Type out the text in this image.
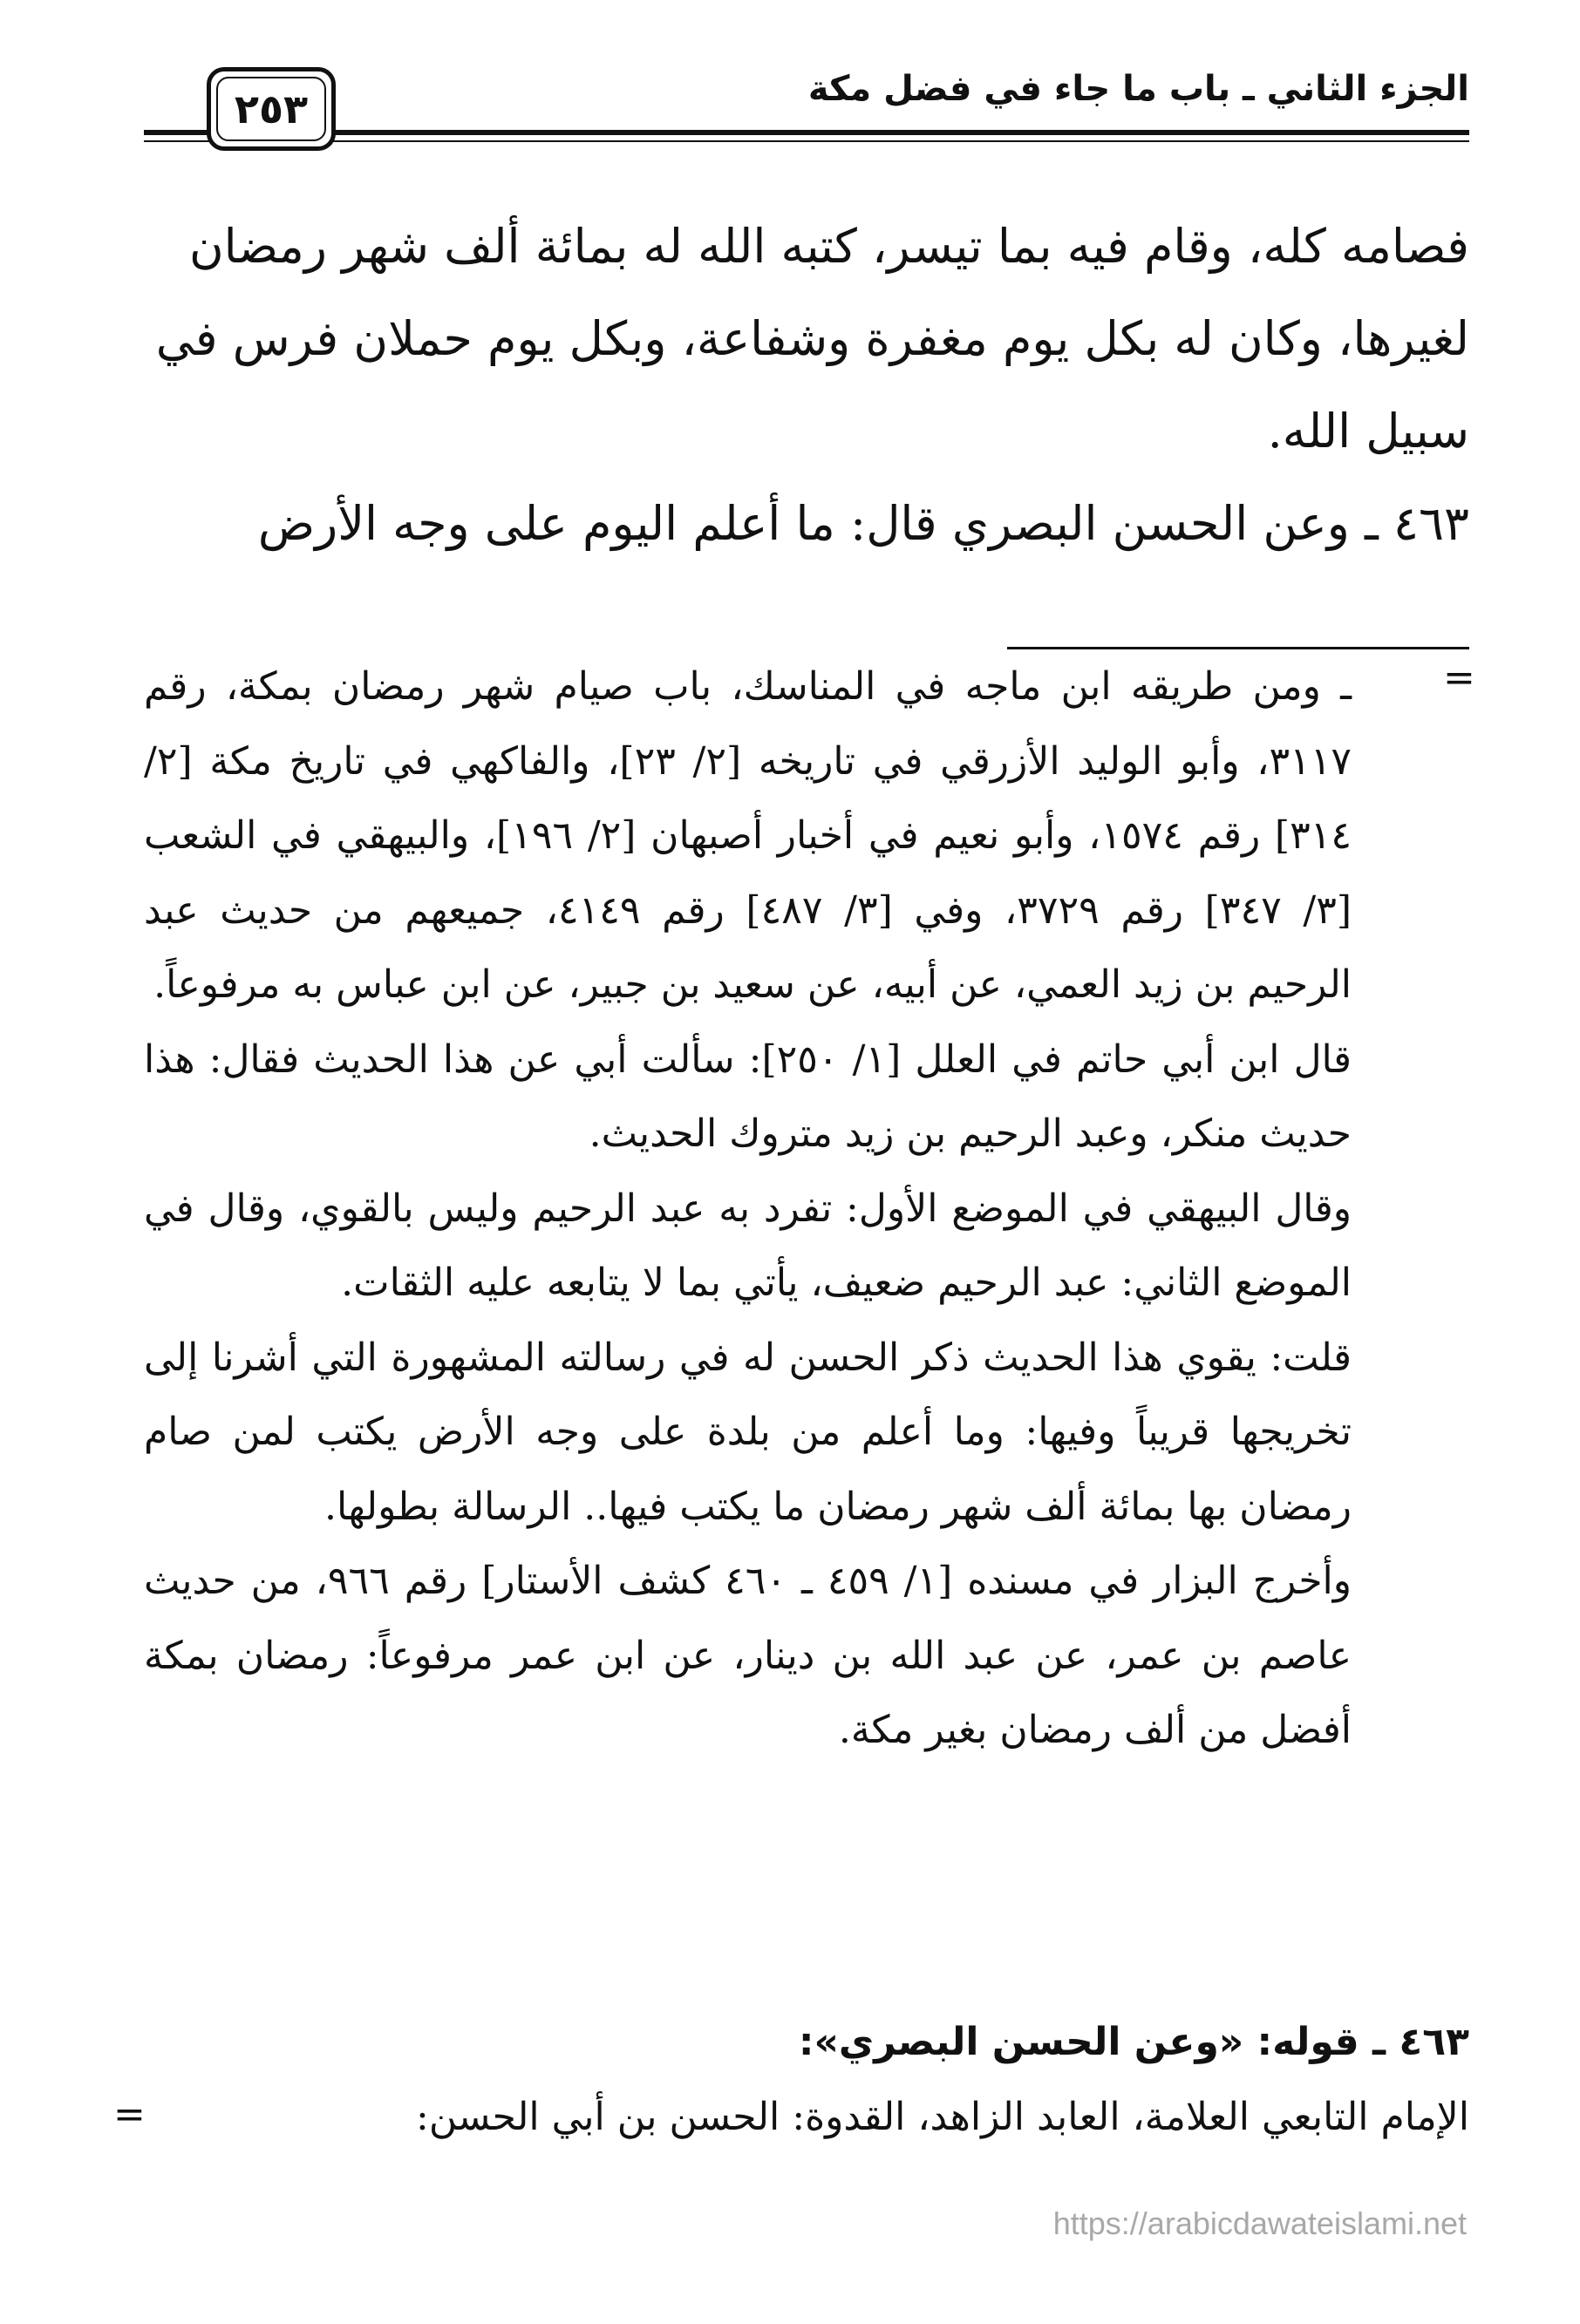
الجزء الثاني ـ باب ما جاء في فضل مكة
٢٥٣

فصامه كله، وقام فيه بما تيسر، كتبه الله له بمائة ألف شهر رمضان

لغيرها، وكان له بكل يوم مغفرة وشفاعة، وبكل يوم حملان فرس في

سبيل الله.

٤٦٣ ـ وعن الحسن البصري قال: ما أعلم اليوم على وجه الأرض

=

ـ ومن طريقه ابن ماجه في المناسك، باب صيام شهر رمضان بمكة، رقم ٣١١٧، وأبو الوليد الأزرقي في تاريخه [٢/ ٢٣]، والفاكهي في تاريخ مكة [٢/ ٣١٤] رقم ١٥٧٤، وأبو نعيم في أخبار أصبهان [٢/ ١٩٦]، والبيهقي في الشعب [٣/ ٣٤٧] رقم ٣٧٢٩، وفي [٣/ ٤٨٧] رقم ٤١٤٩، جميعهم من حديث عبد الرحيم بن زيد العمي، عن أبيه، عن سعيد بن جبير، عن ابن عباس به مرفوعاً.

قال ابن أبي حاتم في العلل [١/ ٢٥٠]: سألت أبي عن هذا الحديث فقال: هذا حديث منكر، وعبد الرحيم بن زيد متروك الحديث.

وقال البيهقي في الموضع الأول: تفرد به عبد الرحيم وليس بالقوي، وقال في الموضع الثاني: عبد الرحيم ضعيف، يأتي بما لا يتابعه عليه الثقات.

قلت: يقوي هذا الحديث ذكر الحسن له في رسالته المشهورة التي أشرنا إلى تخريجها قريباً وفيها: وما أعلم من بلدة على وجه الأرض يكتب لمن صام رمضان بها بمائة ألف شهر رمضان ما يكتب فيها.. الرسالة بطولها.

وأخرج البزار في مسنده [١/ ٤٥٩ ـ ٤٦٠ كشف الأستار] رقم ٩٦٦، من حديث عاصم بن عمر، عن عبد الله بن دينار، عن ابن عمر مرفوعاً: رمضان بمكة أفضل من ألف رمضان بغير مكة.

٤٦٣ ـ قوله: «وعن الحسن البصري»:

الإمام التابعي العلامة، العابد الزاهد، القدوة: الحسن بن أبي الحسن:

=
https://arabicdawateislami.net
